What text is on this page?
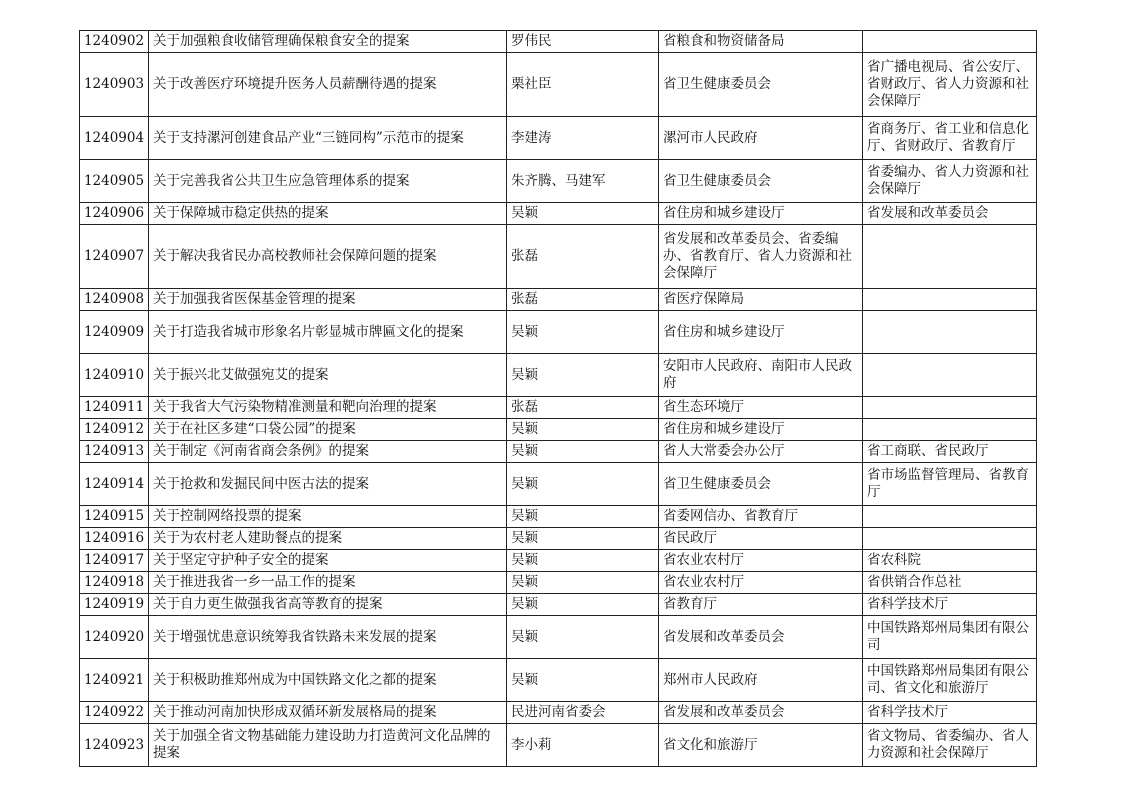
1240902	关于加强粮食收储管理确保粮食安全的提案	罗伟民	省粮食和物资储备局	
1240903	关于改善医疗环境提升医务人员薪酬待遇的提案	栗社臣	省卫生健康委员会	省广播电视局、省公安厅、省财政厅、省人力资源和社会保障厅
1240904	关于支持漯河创建食品产业“三链同构”示范市的提案	李建涛	漯河市人民政府	省商务厅、省工业和信息化厅、省财政厅、省教育厅
1240905	关于完善我省公共卫生应急管理体系的提案	朱齐腾、马建军	省卫生健康委员会	省委编办、省人力资源和社会保障厅
1240906	关于保障城市稳定供热的提案	吴颖	省住房和城乡建设厅	省发展和改革委员会
1240907	关于解决我省民办高校教师社会保障问题的提案	张磊	省发展和改革委员会、省委编办、省教育厅、省人力资源和社会保障厅	
1240908	关于加强我省医保基金管理的提案	张磊	省医疗保障局	
1240909	关于打造我省城市形象名片彰显城市牌匾文化的提案	吴颖	省住房和城乡建设厅	
1240910	关于振兴北艾做强宛艾的提案	吴颖	安阳市人民政府、南阳市人民政府	
1240911	关于我省大气污染物精准测量和靶向治理的提案	张磊	省生态环境厅	
1240912	关于在社区多建“口袋公园”的提案	吴颖	省住房和城乡建设厅	
1240913	关于制定《河南省商会条例》的提案	吴颖	省人大常委会办公厅	省工商联、省民政厅
1240914	关于抢救和发掘民间中医古法的提案	吴颖	省卫生健康委员会	省市场监督管理局、省教育厅
1240915	关于控制网络投票的提案	吴颖	省委网信办、省教育厅	
1240916	关于为农村老人建助餐点的提案	吴颖	省民政厅	
1240917	关于坚定守护种子安全的提案	吴颖	省农业农村厅	省农科院
1240918	关于推进我省一乡一品工作的提案	吴颖	省农业农村厅	省供销合作总社
1240919	关于自力更生做强我省高等教育的提案	吴颖	省教育厅	省科学技术厅
1240920	关于增强忧患意识统筹我省铁路未来发展的提案	吴颖	省发展和改革委员会	中国铁路郑州局集团有限公司
1240921	关于积极助推郑州成为中国铁路文化之都的提案	吴颖	郑州市人民政府	中国铁路郑州局集团有限公司、省文化和旅游厅
1240922	关于推动河南加快形成双循环新发展格局的提案	民进河南省委会	省发展和改革委员会	省科学技术厅
1240923	关于加强全省文物基础能力建设助力打造黄河文化品牌的提案	李小莉	省文化和旅游厅	省文物局、省委编办、省人力资源和社会保障厅
